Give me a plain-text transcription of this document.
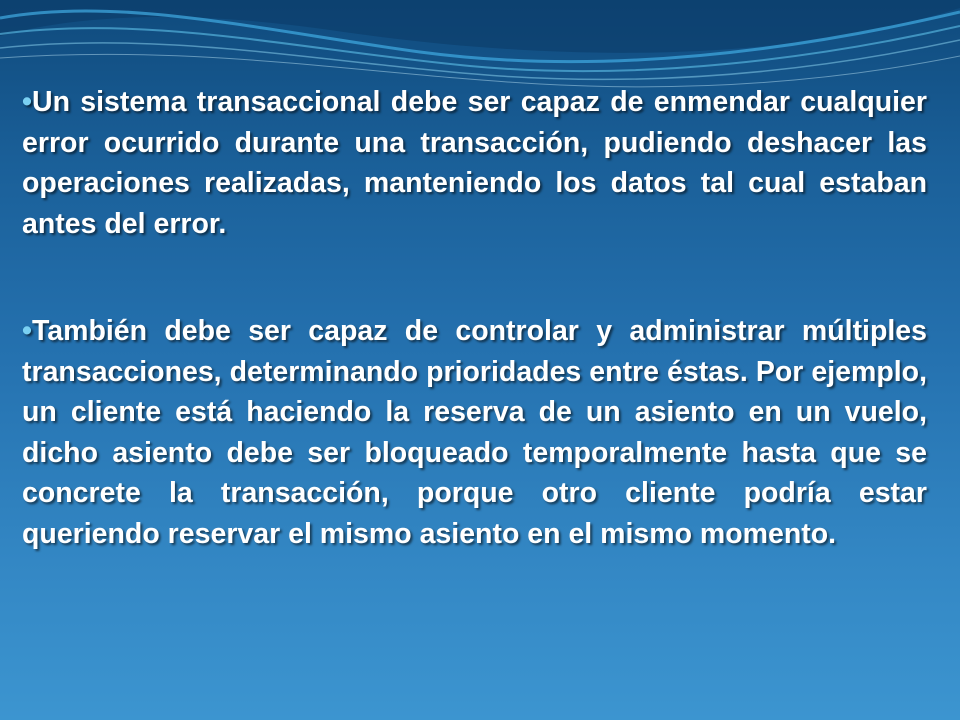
•Un sistema transaccional debe ser capaz de enmendar cualquier error ocurrido durante una transacción, pudiendo deshacer las operaciones realizadas, manteniendo los datos tal cual estaban antes del error.

•También debe ser capaz de controlar y administrar múltiples transacciones, determinando prioridades entre éstas. Por ejemplo, un cliente está haciendo la reserva de un asiento en un vuelo, dicho asiento debe ser bloqueado temporalmente hasta que se concrete la transacción, porque otro cliente podría estar queriendo reservar el mismo asiento en el mismo momento.
